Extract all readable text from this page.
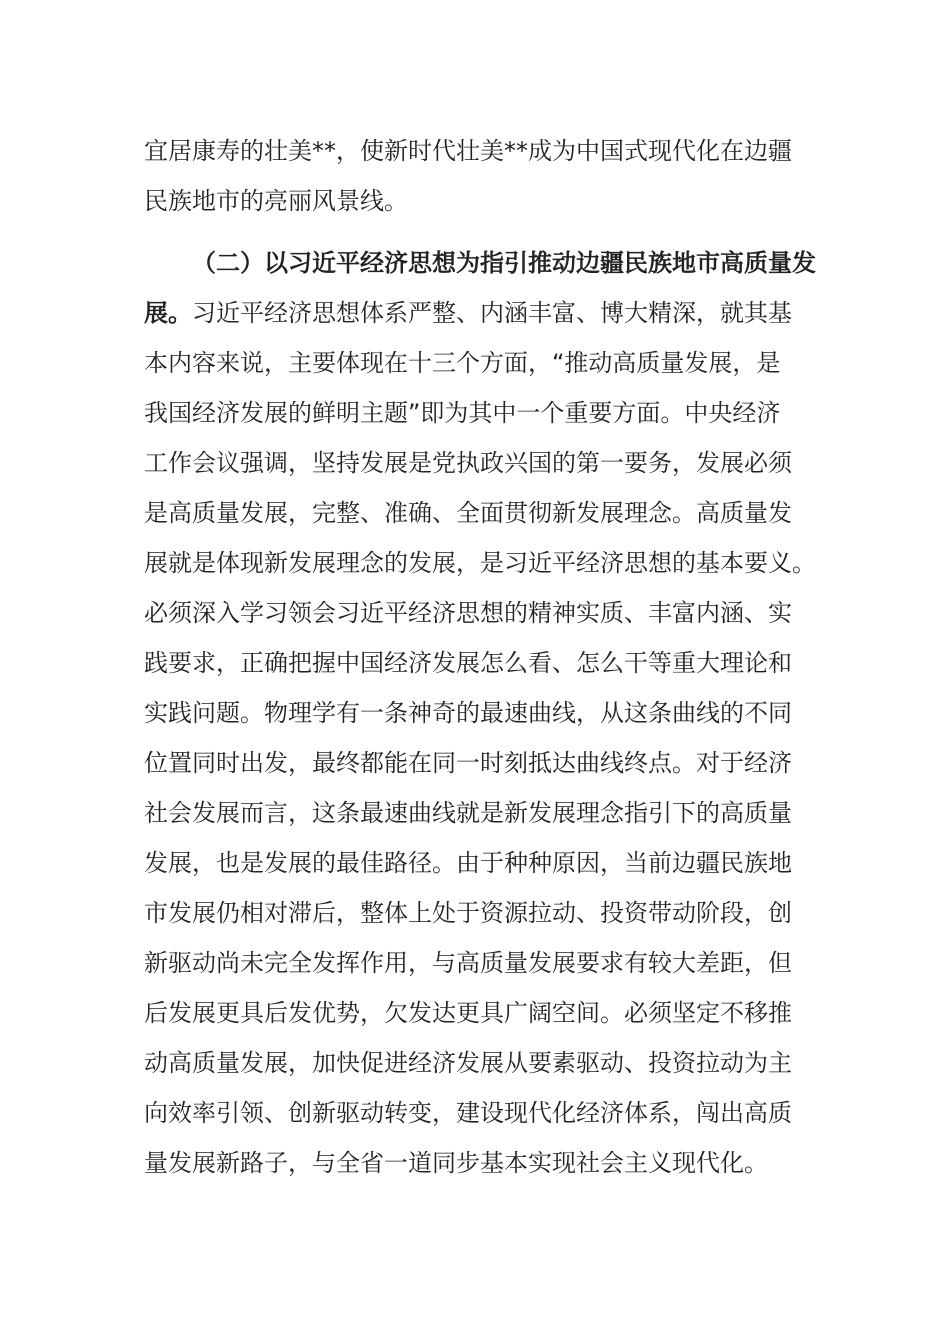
宜居康寿的壮美**，使新时代壮美**成为中国式现代化在边疆
民族地市的亮丽风景线。
（二）以习近平经济思想为指引推动边疆民族地市高质量发
展。习近平经济思想体系严整、内涵丰富、博大精深，就其基
本内容来说，主要体现在十三个方面，“推动高质量发展，是
我国经济发展的鲜明主题”即为其中一个重要方面。中央经济
工作会议强调，坚持发展是党执政兴国的第一要务，发展必须
是高质量发展，完整、准确、全面贯彻新发展理念。高质量发
展就是体现新发展理念的发展，是习近平经济思想的基本要义。
必须深入学习领会习近平经济思想的精神实质、丰富内涵、实
践要求，正确把握中国经济发展怎么看、怎么干等重大理论和
实践问题。物理学有一条神奇的最速曲线，从这条曲线的不同
位置同时出发，最终都能在同一时刻抵达曲线终点。对于经济
社会发展而言，这条最速曲线就是新发展理念指引下的高质量
发展，也是发展的最佳路径。由于种种原因，当前边疆民族地
市发展仍相对滞后，整体上处于资源拉动、投资带动阶段，创
新驱动尚未完全发挥作用，与高质量发展要求有较大差距，但
后发展更具后发优势，欠发达更具广阔空间。必须坚定不移推
动高质量发展，加快促进经济发展从要素驱动、投资拉动为主
向效率引领、创新驱动转变，建设现代化经济体系，闯出高质
量发展新路子，与全省一道同步基本实现社会主义现代化。
